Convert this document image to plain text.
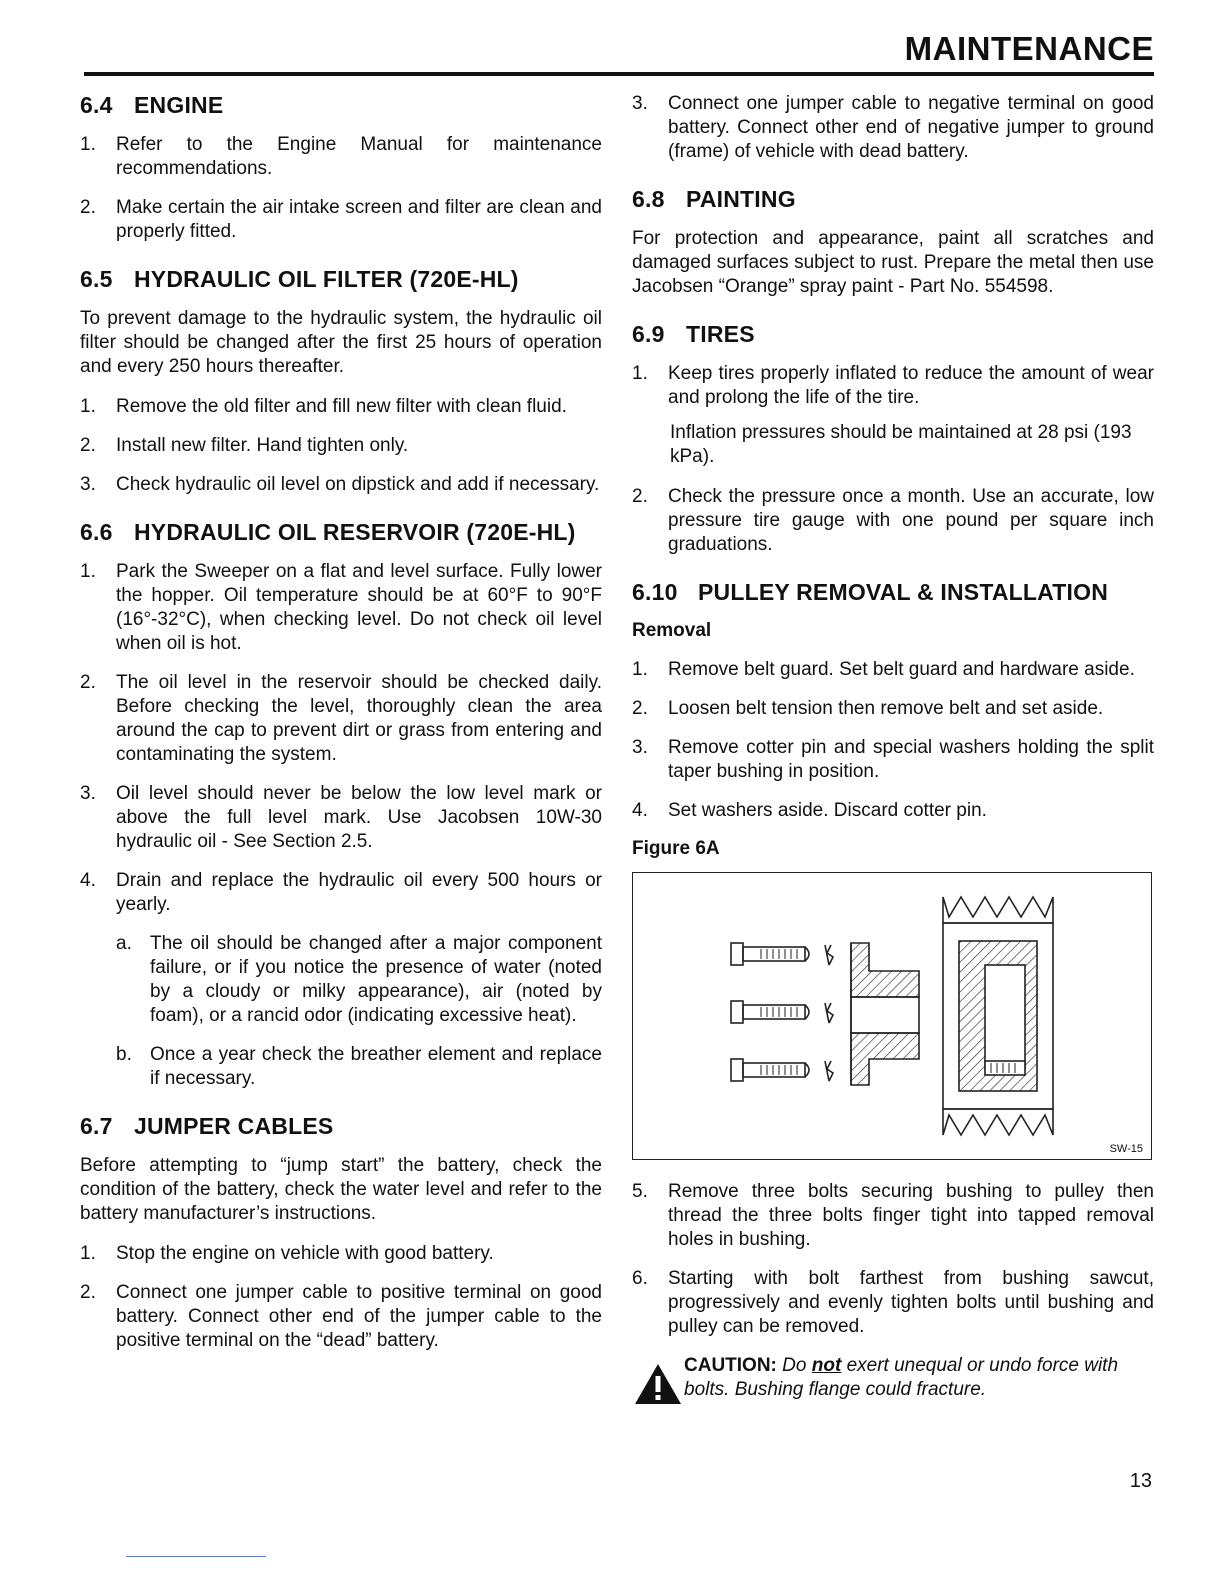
MAINTENANCE
6.4 ENGINE
1.	Refer to the Engine Manual for maintenance recommendations.
2.	Make certain the air intake screen and filter are clean and properly fitted.
6.5 HYDRAULIC OIL FILTER (720E-HL)

To prevent damage to the hydraulic system, the hydraulic oil filter should be changed after the first 25 hours of operation and every 250 hours thereafter.

1.	Remove the old filter and fill new filter with clean fluid.
2.	Install new filter. Hand tighten only.
3.	Check hydraulic oil level on dipstick and add if necessary.
6.6 HYDRAULIC OIL RESERVOIR (720E-HL)
1.	Park the Sweeper on a flat and level surface. Fully lower the hopper. Oil temperature should be at 60°F to 90°F (16°-32°C), when checking level. Do not check oil level when oil is hot.
2.	The oil level in the reservoir should be checked daily. Before checking the level, thoroughly clean the area around the cap to prevent dirt or grass from entering and contaminating the system.
3.	Oil level should never be below the low level mark or above the full level mark. Use Jacobsen 10W-30 hydraulic oil - See Section 2.5.
4.	Drain and replace the hydraulic oil every 500 hours or yearly.
a. The oil should be changed after a major component failure, or if you notice the presence of water (noted by a cloudy or milky appearance), air (noted by foam), or a rancid odor (indicating excessive heat).
b. Once a year check the breather element and replace if necessary.
6.7 JUMPER CABLES

Before attempting to “jump start” the battery, check the condition of the battery, check the water level and refer to the battery manufacturer’s instructions.

1.	Stop the engine on vehicle with good battery.
2.	Connect one jumper cable to positive terminal on good battery. Connect other end of the jumper cable to the positive terminal on the “dead” battery.
3.	Connect one jumper cable to negative terminal on good battery. Connect other end of negative jumper to ground (frame) of vehicle with dead battery.
6.8 PAINTING

For protection and appearance, paint all scratches and damaged surfaces subject to rust. Prepare the metal then use Jacobsen “Orange” spray paint - Part No. 554598.

6.9 TIRES
1.	Keep tires properly inflated to reduce the amount of wear and prolong the life of the tire.
Inflation pressures should be maintained at 28 psi (193 kPa).
2.	Check the pressure once a month. Use an accurate, low pressure tire gauge with one pound per square inch graduations.
6.10 PULLEY REMOVAL & INSTALLATION
Removal
1.	Remove belt guard. Set belt guard and hardware aside.
2.	Loosen belt tension then remove belt and set aside.
3.	Remove cotter pin and special washers holding the split taper bushing in position.
4.	Set washers aside. Discard cotter pin.
Figure 6A
SW-15
5.	Remove three bolts securing bushing to pulley then thread the three bolts finger tight into tapped removal holes in bushing.
6.	Starting with bolt farthest from bushing sawcut, progressively and evenly tighten bolts until bushing and pulley can be removed.
CAUTION: Do not exert unequal or undo force with bolts. Bushing flange could fracture.
13
